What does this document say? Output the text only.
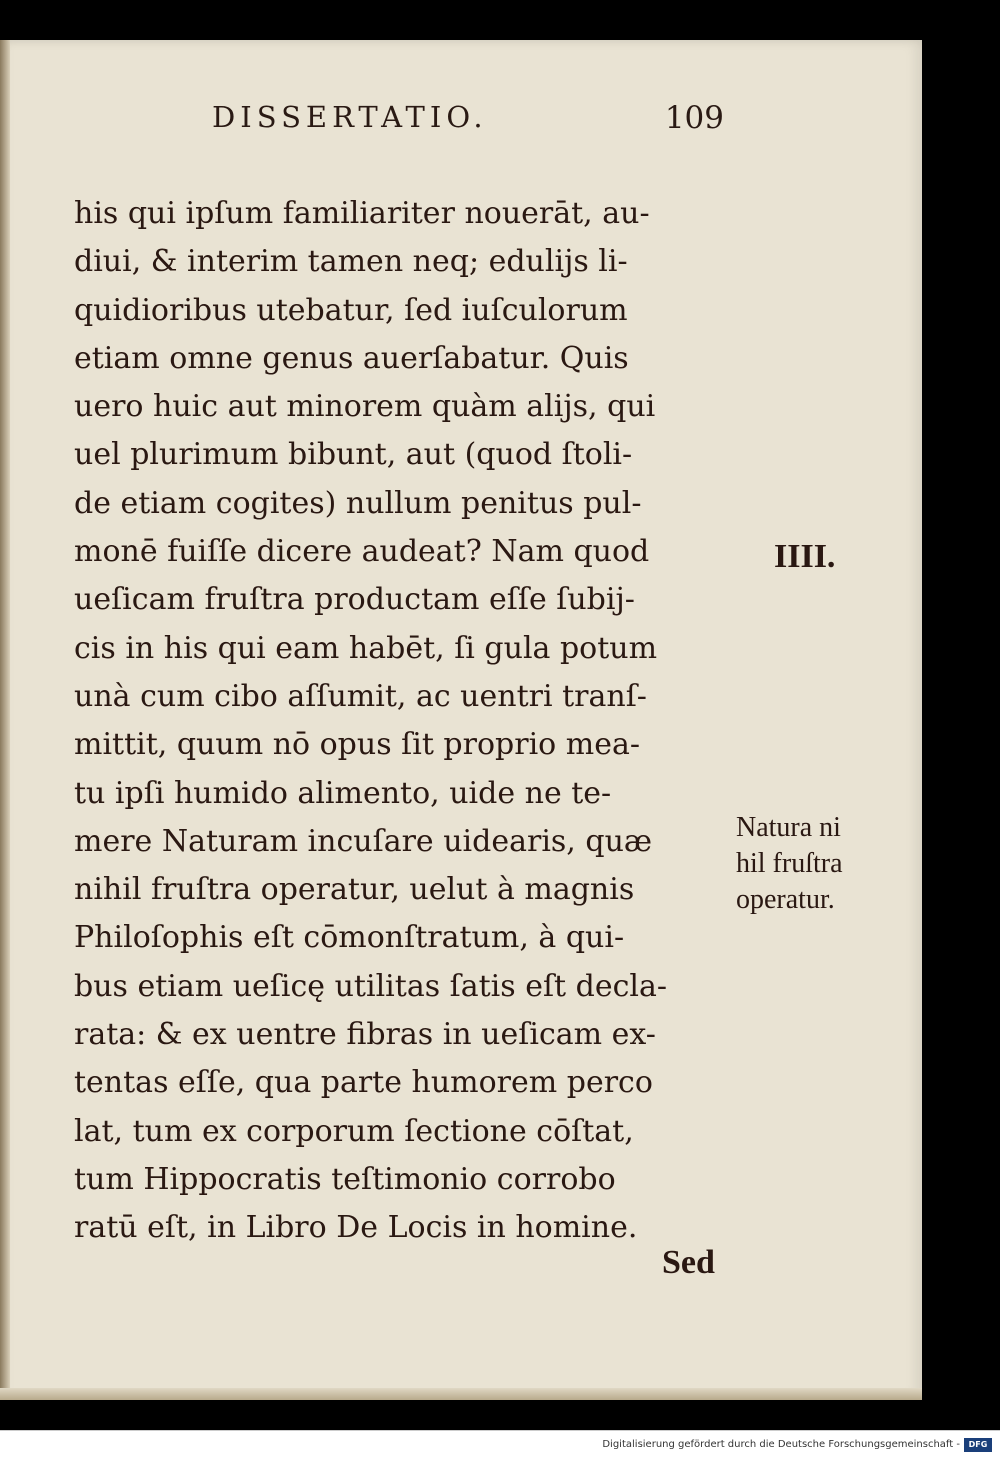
DISSERTATIO.	109
his qui ipſum familiariter nouerāt, au-
diui, & interim tamen neq; edulijs li-
quidioribus utebatur, ſed iuſculorum
etiam omne genus auerſabatur. Quis
uero huic aut minorem quàm alijs, qui
uel plurimum bibunt, aut (quod ſtoli-
de etiam cogites) nullum penitus pul-
monē fuiſſe dicere audeat? Nam quod
ueſicam fruſtra productam eſſe ſubij-
cis in his qui eam habēt, ſi gula potum
unà cum cibo aſſumit, ac uentri tranſ-
mittit, quum nō opus ſit proprio mea-
tu ipſi humido alimento, uide ne te-
mere Naturam incuſare uidearis, quæ
nihil fruſtra operatur, uelut à magnis
Philoſophis eſt cōmonſtratum, à qui-
bus etiam ueſicę utilitas ſatis eſt decla-
rata: & ex uentre fibras in ueſicam ex-
tentas eſſe, qua parte humorem perco
lat, tum ex corporum ſectione cōſtat,
tum Hippocratis teſtimonio corrobo
ratū eſt, in Libro De Locis in homine.
IIII.
Natura ni
hil fruſtra
operatur.
Sed
Digitalisierung gefördert durch die Deutsche Forschungsgemeinschaft -	DFG
